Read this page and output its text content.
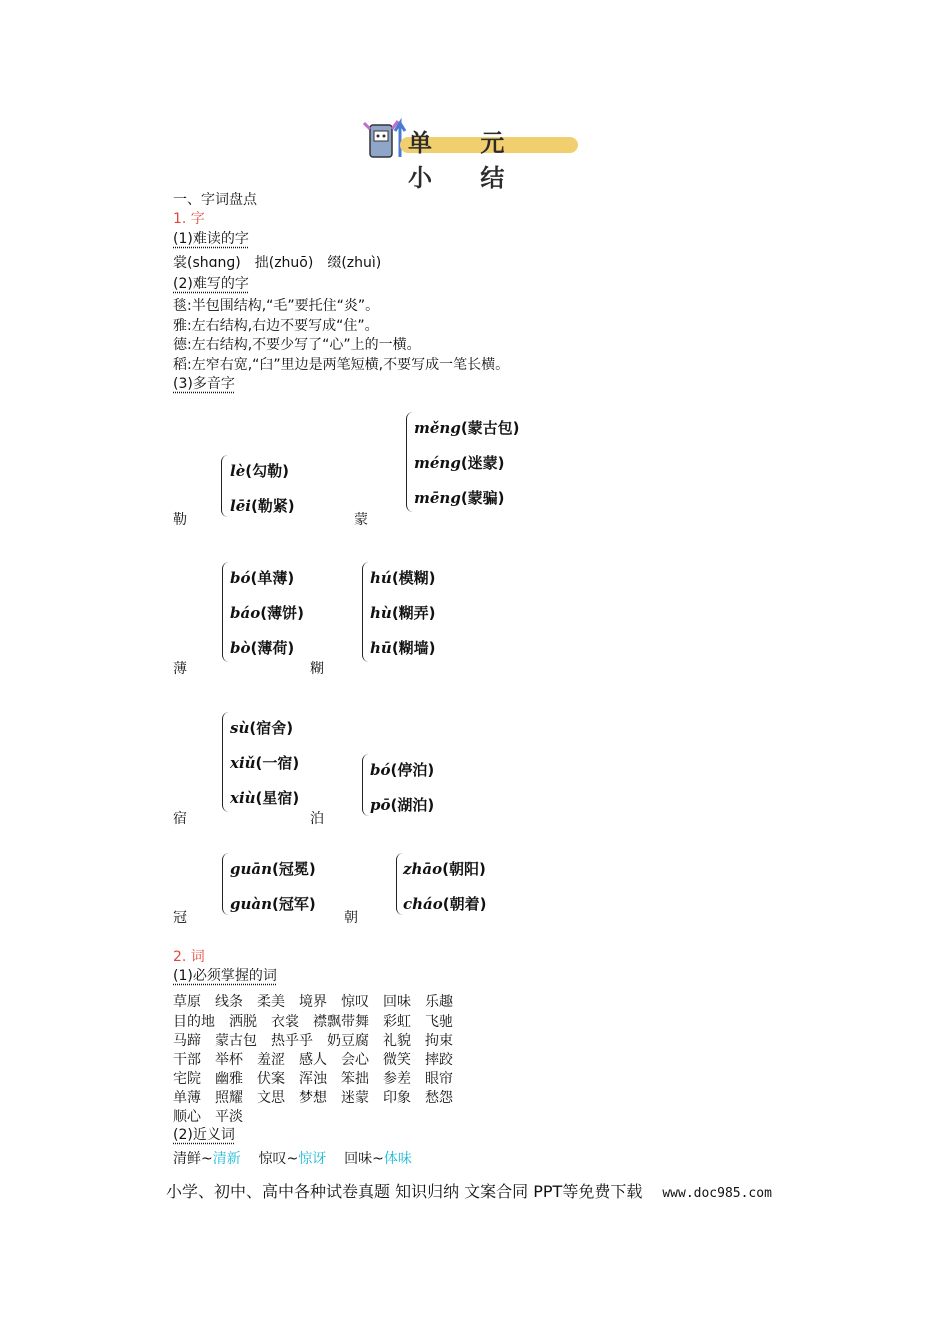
单 元 小 结
一、字词盘点
1. 字
(1)难读的字
裳(shɑnɡ)　拙(zhuō)　缀(zhuì)
(2)难写的字
毯:半包围结构,“毛”要托住“炎”。
雅:左右结构,右边不要写成“住”。
德:左右结构,不要少写了“心”上的一横。
稻:左窄右宽,“臼”里边是两笔短横,不要写成一笔长横。
(3)多音字
勒
lè(勾勒)
lēi(勒紧)
蒙
měng(蒙古包)
méng(迷蒙)
mēng(蒙骗)
薄
bó(单薄)
báo(薄饼)
bò(薄荷)
糊
hú(模糊)
hù(糊弄)
hū(糊墙)
宿
sù(宿舍)
xiǔ(一宿)
xiù(星宿)
泊
bó(停泊)
pō(湖泊)
冠
guān(冠冕)
guàn(冠军)
朝
zhāo(朝阳)
cháo(朝着)
2. 词
(1)必须掌握的词
草原 线条 柔美 境界 惊叹 回味 乐趣
目的地 洒脱 衣裳 襟飘带舞 彩虹 飞驰
马蹄 蒙古包 热乎乎 奶豆腐 礼貌 拘束
干部 举杯 羞涩 感人 会心 微笑 摔跤
宅院 幽雅 伏案 浑浊 笨拙 参差 眼帘
单薄 照耀 文思 梦想 迷蒙 印象 愁怨
顺心 平淡
(2)近义词
清鲜~清新 惊叹~惊讶 回味~体味
小学、初中、高中各种试卷真题 知识归纳 文案合同 PPT等免费下载 www.doc985.com
